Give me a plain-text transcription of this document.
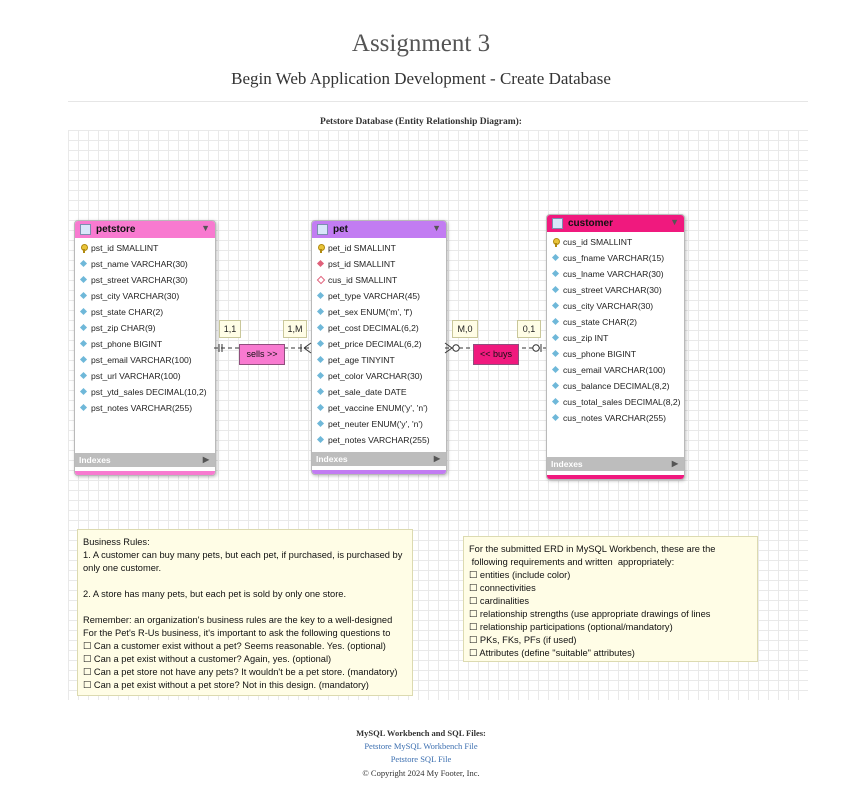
Assignment 3
Begin Web Application Development - Create Database
Petstore Database (Entity Relationship Diagram):
petstore	▼
pst_id SMALLINT
pst_name VARCHAR(30)
pst_street VARCHAR(30)
pst_city VARCHAR(30)
pst_state CHAR(2)
pst_zip CHAR(9)
pst_phone BIGINT
pst_email VARCHAR(100)
pst_url VARCHAR(100)
pst_ytd_sales DECIMAL(10,2)
pst_notes VARCHAR(255)
Indexes	▶
pet	▼
pet_id SMALLINT
pst_id SMALLINT
cus_id SMALLINT
pet_type VARCHAR(45)
pet_sex ENUM('m', 'f')
pet_cost DECIMAL(6,2)
pet_price DECIMAL(6,2)
pet_age TINYINT
pet_color VARCHAR(30)
pet_sale_date DATE
pet_vaccine ENUM('y', 'n')
pet_neuter ENUM('y', 'n')
pet_notes VARCHAR(255)
Indexes	▶
customer	▼
cus_id SMALLINT
cus_fname VARCHAR(15)
cus_lname VARCHAR(30)
cus_street VARCHAR(30)
cus_city VARCHAR(30)
cus_state CHAR(2)
cus_zip INT
cus_phone BIGINT
cus_email VARCHAR(100)
cus_balance DECIMAL(8,2)
cus_total_sales DECIMAL(8,2)
cus_notes VARCHAR(255)
Indexes	▶
1,1	1,M
sells >>
M,0	0,1
<< buys
Business Rules:
1. A customer can buy many pets, but each pet, if purchased, is purchased by only one customer.
2. A store has many pets, but each pet is sold by only one store.
Remember: an organization's business rules are the key to a well-designed
For the Pet's R-Us business, it's important to ask the following questions to
☐ Can a customer exist without a pet? Seems reasonable. Yes. (optional)
☐ Can a pet exist without a customer? Again, yes. (optional)
☐ Can a pet store not have any pets? It wouldn't be a pet store. (mandatory)
☐ Can a pet exist without a pet store? Not in this design. (mandatory)
For the submitted ERD in MySQL Workbench, these are the
following requirements and written  appropriately:
☐ entities (include color)
☐ connectivities
☐ cardinalities
☐ relationship strengths (use appropriate drawings of lines
☐ relationship participations (optional/mandatory)
☐ PKs, FKs, PFs (if used)
☐ Attributes (define "suitable" attributes)
MySQL Workbench and SQL Files:
Petstore MySQL Workbench File
Petstore SQL File
© Copyright 2024 My Footer, Inc.
